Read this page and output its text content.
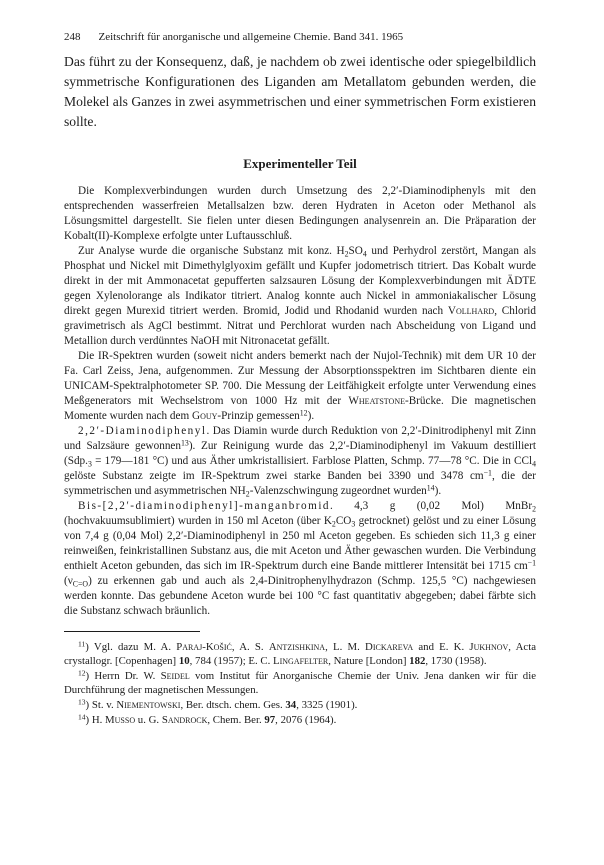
248 Zeitschrift für anorganische und allgemeine Chemie. Band 341. 1965

Das führt zu der Konsequenz, daß, je nachdem ob zwei identische oder spiegelbildlich symmetrische Konfigurationen des Liganden am Metallatom gebunden werden, die Molekel als Ganzes in zwei asymmetrischen und einer symmetrischen Form existieren sollte.

Experimenteller Teil

Die Komplexverbindungen wurden durch Umsetzung des 2,2′-Diaminodiphenyls mit den entsprechenden wasserfreien Metallsalzen bzw. deren Hydraten in Aceton oder Methanol als Lösungsmittel dargestellt. Sie fielen unter diesen Bedingungen analysenrein an. Die Präparation der Kobalt(II)-Komplexe erfolgte unter Luftausschluß.

Zur Analyse wurde die organische Substanz mit konz. $H_2SO_4$ und Perhydrol zerstört, Mangan als Phosphat und Nickel mit Dimethylglyoxim gefällt und Kupfer jodometrisch titriert. Das Kobalt wurde direkt in der mit Ammonacetat gepufferten salzsauren Lösung der Komplexverbindungen mit ÄDTE gegen Xylenolorange als Indikator titriert. Analog konnte auch Nickel in ammoniakalischer Lösung direkt gegen Murexid titriert werden. Bromid, Jodid und Rhodanid wurden nach Vollhard, Chlorid gravimetrisch als AgCl bestimmt. Nitrat und Perchlorat wurden nach Abscheidung von Ligand und Metallion durch verdünntes NaOH mit Nitronacetat gefällt.

Die IR-Spektren wurden (soweit nicht anders bemerkt nach der Nujol-Technik) mit dem UR 10 der Fa. Carl Zeiss, Jena, aufgenommen. Zur Messung der Absorptionsspektren im Sichtbaren diente ein UNICAM-Spektralphotometer SP. 700. Die Messung der Leitfähigkeit erfolgte unter Verwendung eines Meßgenerators mit Wechselstrom von 1000 Hz mit der Wheatstone-Brücke. Die magnetischen Momente wurden nach dem Gouy-Prinzip gemessen$^{12}$).

2,2′-Diaminodiphenyl. Das Diamin wurde durch Reduktion von 2,2′-Dinitrodiphenyl mit Zinn und Salzsäure gewonnen$^{13}$). Zur Reinigung wurde das 2,2′-Diaminodiphenyl im Vakuum destilliert ($Sdp._3$ = 179—181 °C) und aus Äther umkristallisiert. Farblose Platten, Schmp. 77—78 °C. Die in CCl$_4$ gelöste Substanz zeigte im IR-Spektrum zwei starke Banden bei 3390 und 3478 $cm^{-1}$, die der symmetrischen und asymmetrischen $NH_2$-Valenzschwingung zugeordnet wurden$^{14}$).

Bis-[2,2′-diaminodiphenyl]-manganbromid. 4,3 g (0,02 Mol) MnBr$_2$ (hochvakuumsublimiert) wurden in 150 ml Aceton (über $K_2CO_3$ getrocknet) gelöst und zu einer Lösung von 7,4 g (0,04 Mol) 2,2′-Diaminodiphenyl in 250 ml Aceton gegeben. Es schieden sich 11,3 g einer reinweißen, feinkristallinen Substanz aus, die mit Aceton und Äther gewaschen wurden. Die Verbindung enthielt Aceton gebunden, das sich im IR-Spektrum durch eine Bande mittlerer Intensität bei 1715 $cm^{-1}$ $(\nu_{C=O})$ zu erkennen gab und auch als 2,4-Dinitrophenylhydrazon (Schmp. 125,5 °C) nachgewiesen werden konnte. Das gebundene Aceton wurde bei 100 °C fast quantitativ abgegeben; dabei färbte sich die Substanz schwach bräunlich.

$^{11}$) Vgl. dazu M. A. Paraj-Košić, A. S. Antzishkina, L. M. Dickareva and E. K. Jukhnov, Acta crystallogr. [Copenhagen] 10, 784 (1957); E. C. Lingafelter, Nature [London] 182, 1730 (1958).

$^{12}$) Herrn Dr. W. Seidel vom Institut für Anorganische Chemie der Univ. Jena danken wir für die Durchführung der magnetischen Messungen.

$^{13}$) St. v. Niementowski, Ber. dtsch. chem. Ges. 34, 3325 (1901).

$^{14}$) H. Musso u. G. Sandrock, Chem. Ber. 97, 2076 (1964).
